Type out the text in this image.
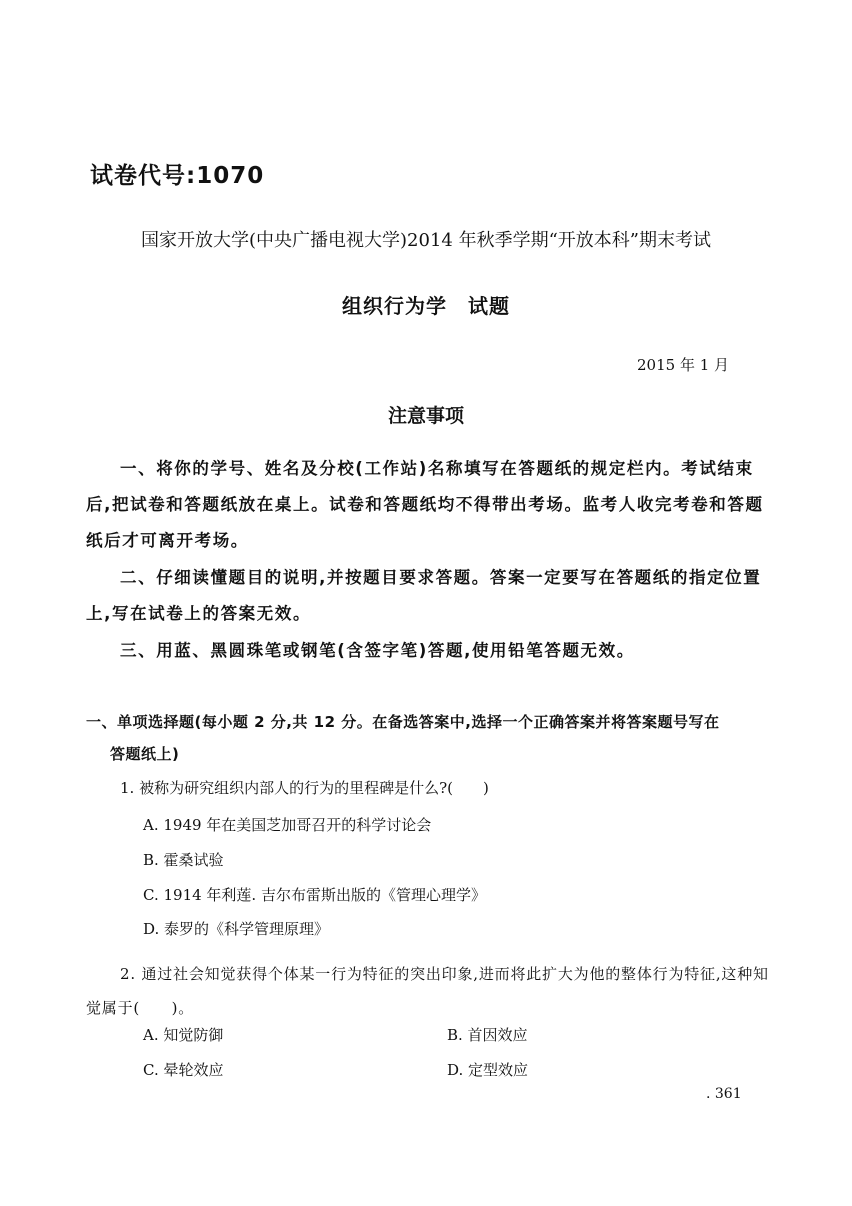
试卷代号:1070
国家开放大学(中央广播电视大学)2014 年秋季学期“开放本科”期末考试
组织行为学　试题
2015 年 1 月
注意事项
一、将你的学号、姓名及分校(工作站)名称填写在答题纸的规定栏内。考试结束后,把试卷和答题纸放在桌上。试卷和答题纸均不得带出考场。监考人收完考卷和答题纸后才可离开考场。
二、仔细读懂题目的说明,并按题目要求答题。答案一定要写在答题纸的指定位置上,写在试卷上的答案无效。
三、用蓝、黑圆珠笔或钢笔(含签字笔)答题,使用铅笔答题无效。
一、单项选择题(每小题 2 分,共 12 分。在备选答案中,选择一个正确答案并将答案题号写在
答题纸上)
1. 被称为研究组织内部人的行为的里程碑是什么?(　　)
A. 1949 年在美国芝加哥召开的科学讨论会
B. 霍桑试验
C. 1914 年利莲. 吉尔布雷斯出版的《管理心理学》
D. 泰罗的《科学管理原理》
2. 通过社会知觉获得个体某一行为特征的突出印象,进而将此扩大为他的整体行为特征,这种知觉属于(　　)。
A. 知觉防御	B. 首因效应
C. 晕轮效应	D. 定型效应
. 361
